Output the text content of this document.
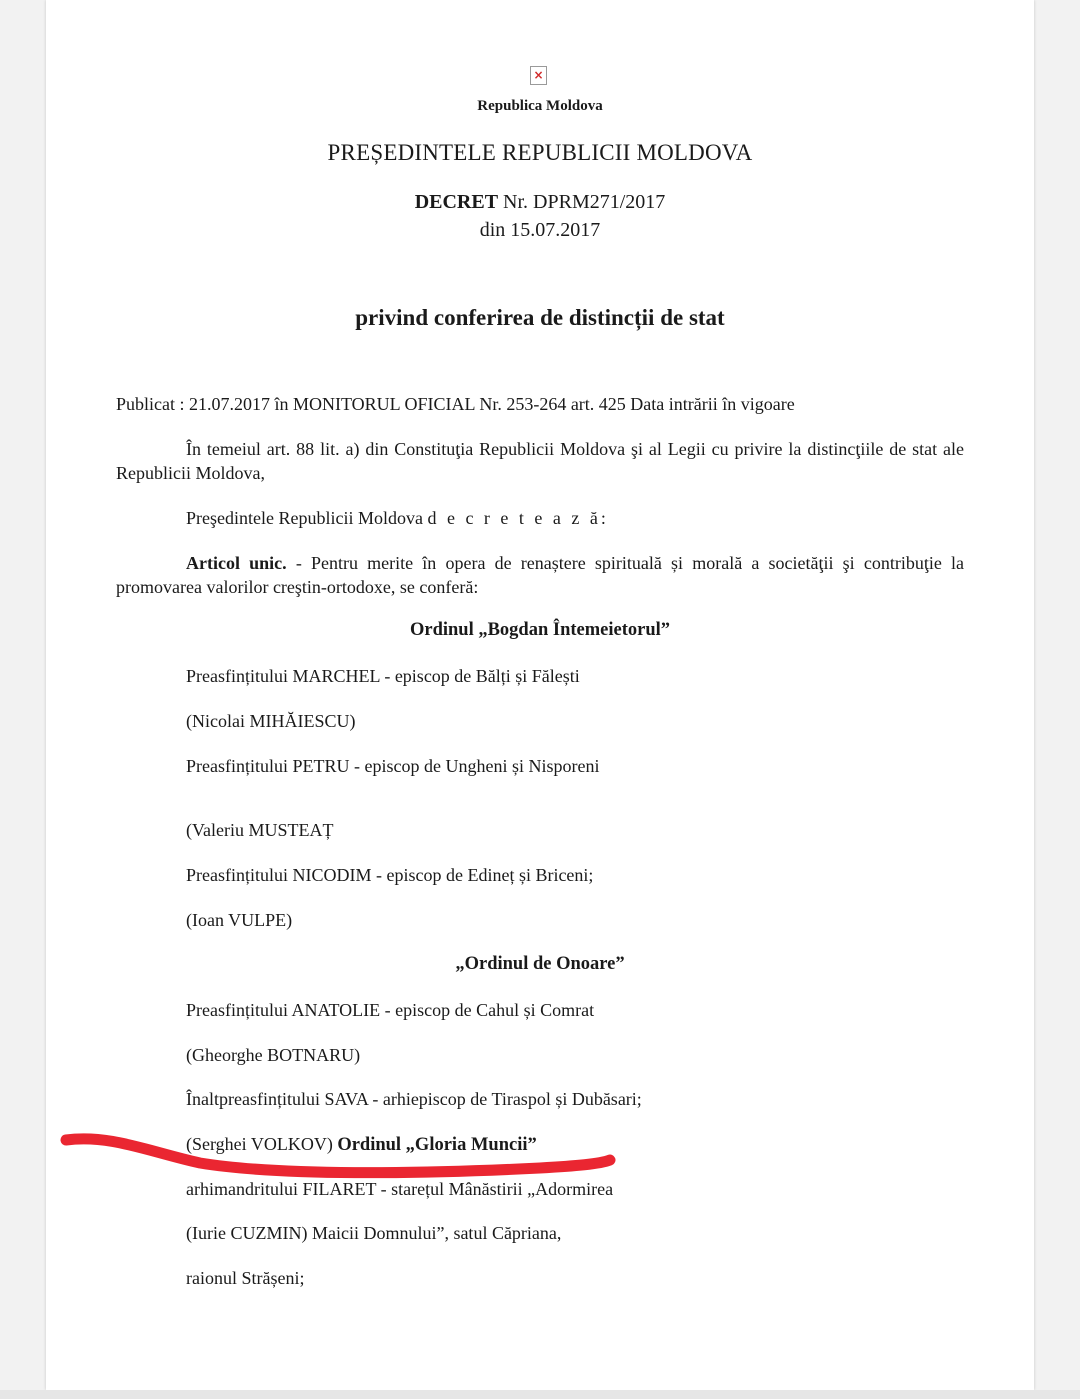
×
Republica Moldova
PREȘEDINTELE REPUBLICII MOLDOVA
DECRET Nr. DPRM271/2017
din 15.07.2017
privind conferirea de distincții de stat
Publicat : 21.07.2017 în MONITORUL OFICIAL Nr. 253-264 art. 425 Data intrării în vigoare
În temeiul art. 88 lit. a) din Constituţia Republicii Moldova şi al Legii cu privire la distincţiile de stat ale Republicii Moldova,
Preşedintele Republicii Moldova d e c r e t e a z ă:
Articol unic. - Pentru merite în opera de renaștere spirituală și morală a societăţii şi contribuţie la promovarea valorilor creştin-ortodoxe, se conferă:
Ordinul „Bogdan Întemeietorul”
Preasfințitului MARCHEL - episcop de Bălți și Fălești
(Nicolai MIHĂIESCU)
Preasfințitului PETRU - episcop de Ungheni și Nisporeni
(Valeriu MUSTEAȚ
Preasfințitului NICODIM - episcop de Edineț și Briceni;
(Ioan VULPE)
„Ordinul de Onoare”
Preasfințitului ANATOLIE - episcop de Cahul și Comrat
(Gheorghe BOTNARU)
Înaltpreasfințitului SAVA - arhiepiscop de Tiraspol și Dubăsari;
(Serghei VOLKOV) Ordinul „Gloria Muncii”
arhimandritului FILARET - starețul Mânăstirii „Adormirea
(Iurie CUZMIN) Maicii Domnului”, satul Căpriana,
raionul Strășeni;
